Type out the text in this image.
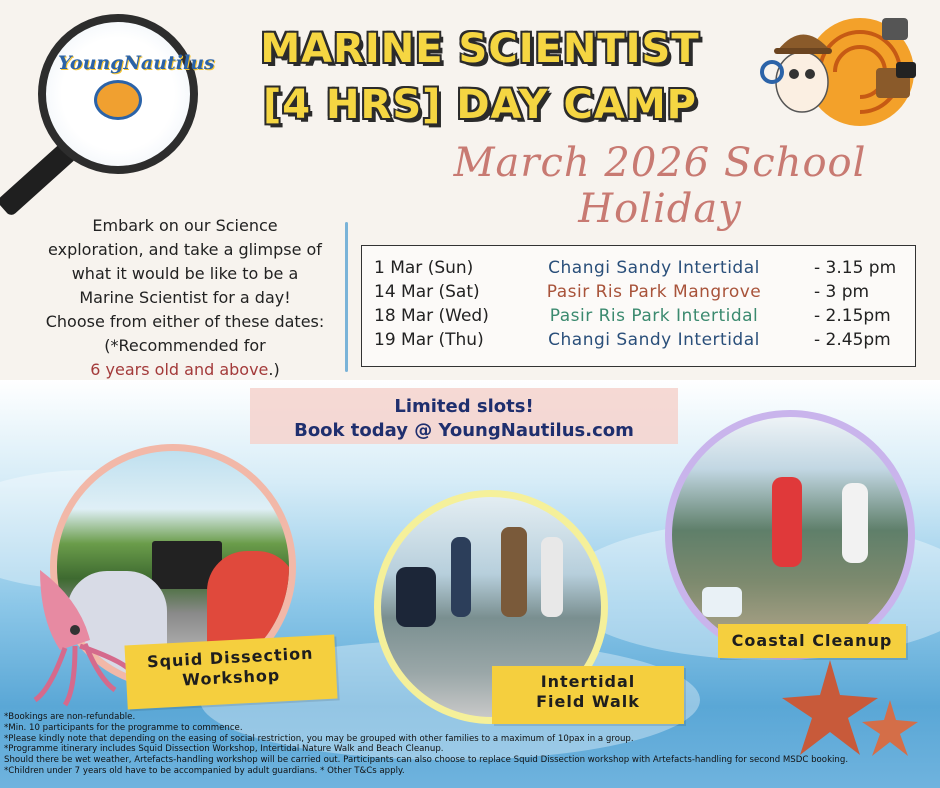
YoungNautilus	MARINE SCIENTIST
[4 HRS] DAY CAMP
March 2026 School Holiday
Embark on our Science
exploration, and take a glimpse of
what it would be like to be a
Marine Scientist for a day!
Choose from either of these dates:
(*Recommended for
6 years old and above.)
1 Mar (Sun)	Changi Sandy Intertidal	- 3.15 pm
14 Mar (Sat)	Pasir Ris Park Mangrove	- 3 pm
18 Mar (Wed)	Pasir Ris Park Intertidal	- 2.15pm
19 Mar (Thu)	Changi Sandy Intertidal	- 2.45pm
Limited slots!
Book today @ YoungNautilus.com
Squid Dissection
Workshop	Intertidal
Field Walk
Coastal Cleanup
*Bookings are non-refundable.
*Min. 10 participants for the programme to commence.
*Please kindly note that depending on the easing of social restriction, you may be grouped with other families to a maximum of 10pax in a group.
*Programme itinerary includes Squid Dissection Workshop, Intertidal Nature Walk and Beach Cleanup.
Should there be wet weather, Artefacts-handling workshop will be carried out. Participants can also choose to replace Squid Dissection workshop with Artefacts-handling for second MSDC booking.
*Children under 7 years old have to be accompanied by adult guardians. * Other T&Cs apply.
